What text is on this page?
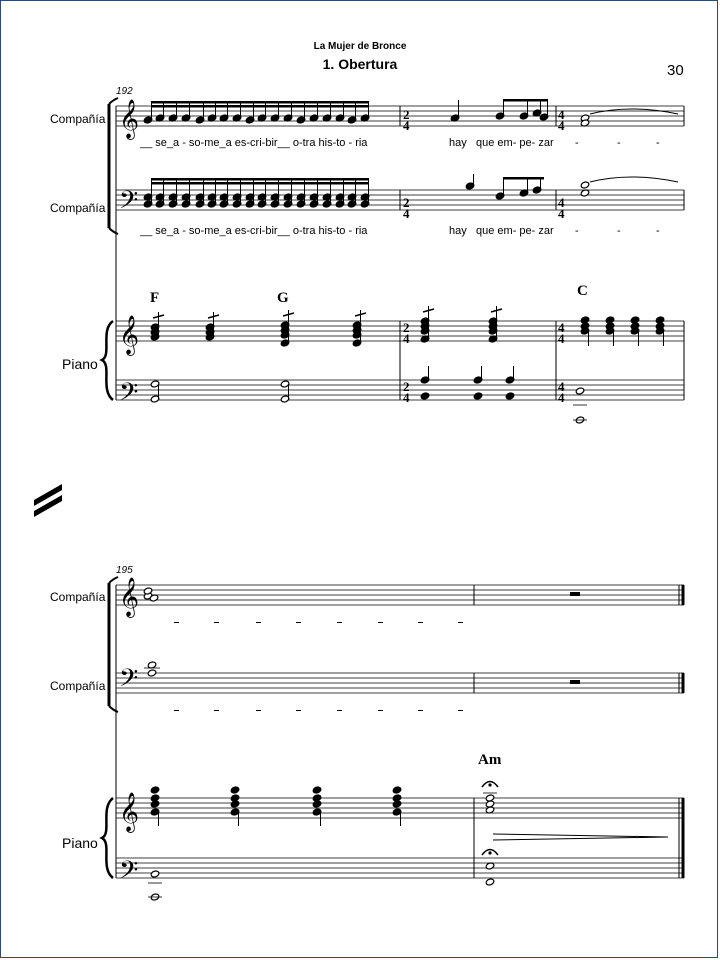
La Mujer de Bronce
1. Obertura	30
192
Compañía
Compañía
Piano
__ se_a - so-me_a es-cri-bir__ o-tra his-to - ria	hay que em- pe- zar -	-	-
__ se_a - so-me_a es-cri-bir__ o-tra his-to - ria	hay que em- pe- zar -	-	-
F	G	C
195
Compañía
Compañía
Piano
Am
2
4
4
4
2
4
4
4
2
4
4
4
2
4
4
4
𝄞
𝄢
𝄞
𝄢
𝄞
𝄢
𝄞
𝄢
